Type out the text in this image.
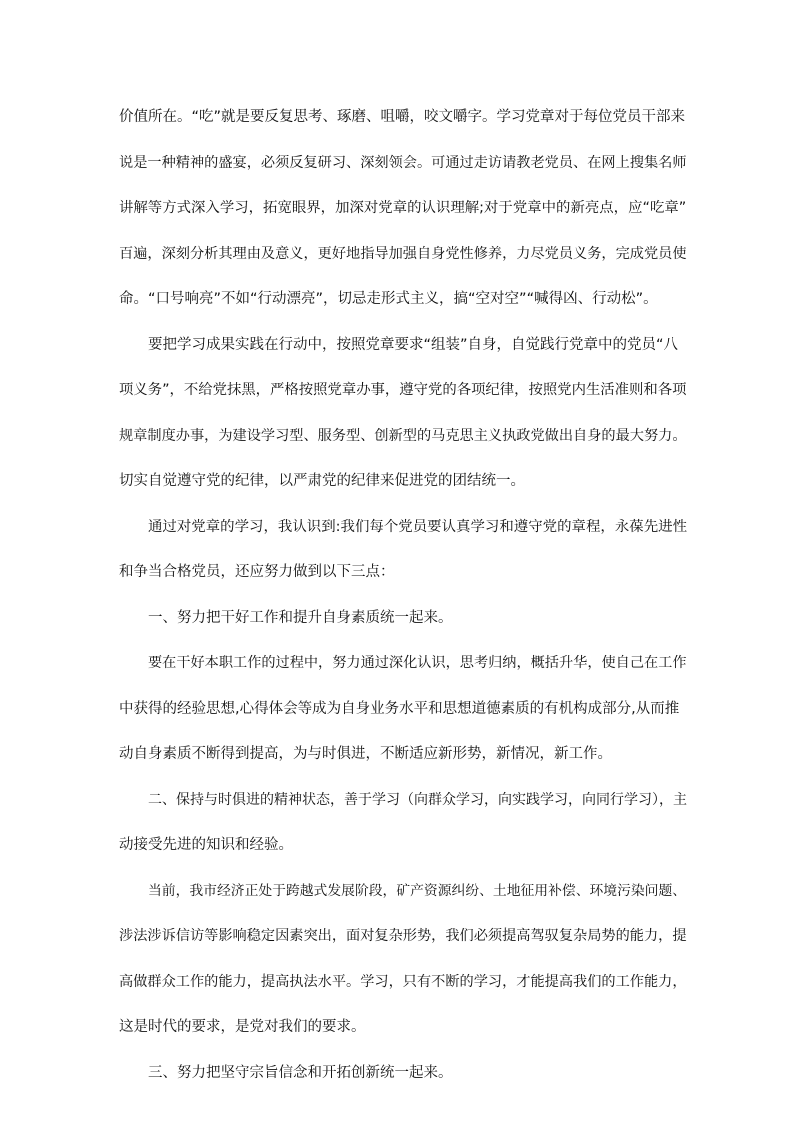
价值所在。“吃”就是要反复思考、琢磨、咀嚼，咬文嚼字。学习党章对于每位党员干部来
说是一种精神的盛宴，必须反复研习、深刻领会。可通过走访请教老党员、在网上搜集名师
讲解等方式深入学习，拓宽眼界，加深对党章的认识理解;对于党章中的新亮点，应“吃章”
百遍，深刻分析其理由及意义，更好地指导加强自身党性修养，力尽党员义务，完成党员使
命。“口号响亮”不如“行动漂亮”，切忌走形式主义，搞“空对空”“喊得凶、行动松”。
要把学习成果实践在行动中，按照党章要求“组装”自身，自觉践行党章中的党员“八
项义务”，不给党抹黑，严格按照党章办事，遵守党的各项纪律，按照党内生活准则和各项
规章制度办事，为建设学习型、服务型、创新型的马克思主义执政党做出自身的最大努力。
切实自觉遵守党的纪律，以严肃党的纪律来促进党的团结统一。
通过对党章的学习，我认识到:我们每个党员要认真学习和遵守党的章程，永葆先进性
和争当合格党员，还应努力做到以下三点：
一、努力把干好工作和提升自身素质统一起来。
要在干好本职工作的过程中，努力通过深化认识，思考归纳，概括升华，使自己在工作
中获得的经验思想,心得体会等成为自身业务水平和思想道德素质的有机构成部分,从而推
动自身素质不断得到提高，为与时俱进，不断适应新形势，新情况，新工作。
二、保持与时俱进的精神状态，善于学习（向群众学习，向实践学习，向同行学习），主
动接受先进的知识和经验。
当前，我市经济正处于跨越式发展阶段，矿产资源纠纷、土地征用补偿、环境污染问题、
涉法涉诉信访等影响稳定因素突出，面对复杂形势，我们必须提高驾驭复杂局势的能力，提
高做群众工作的能力，提高执法水平。学习，只有不断的学习，才能提高我们的工作能力，
这是时代的要求，是党对我们的要求。
三、努力把坚守宗旨信念和开拓创新统一起来。
